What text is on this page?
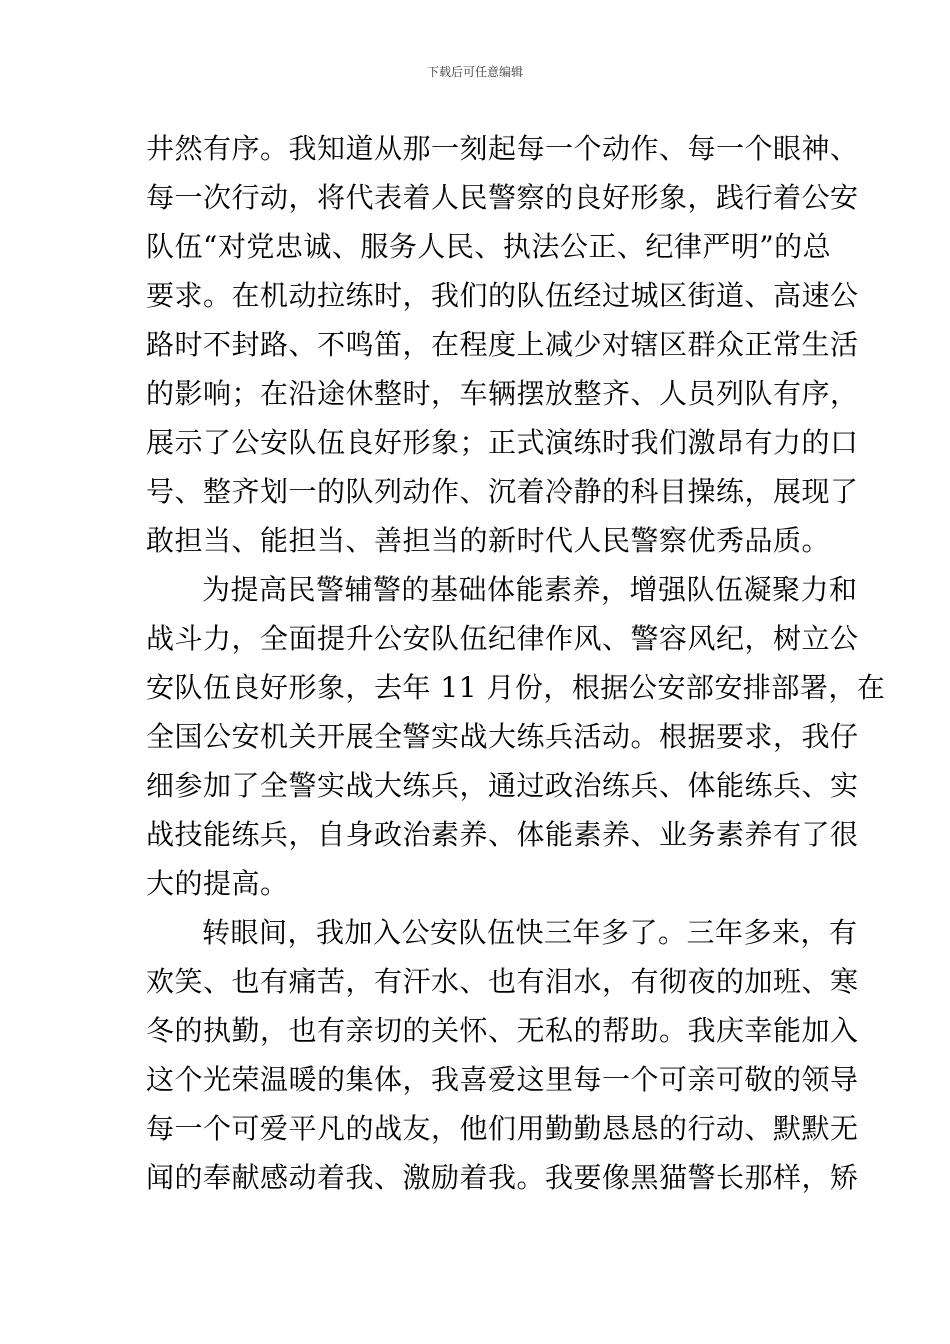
下载后可任意编辑
井然有序。我知道从那一刻起每一个动作、每一个眼神、
每一次行动，将代表着人民警察的良好形象，践行着公安
队伍“对党忠诚、服务人民、执法公正、纪律严明”的总
要求。在机动拉练时，我们的队伍经过城区街道、高速公
路时不封路、不鸣笛，在程度上减少对辖区群众正常生活
的影响；在沿途休整时，车辆摆放整齐、人员列队有序，
展示了公安队伍良好形象；正式演练时我们激昂有力的口
号、整齐划一的队列动作、沉着冷静的科目操练，展现了
敢担当、能担当、善担当的新时代人民警察优秀品质。
为提高民警辅警的基础体能素养，增强队伍凝聚力和
战斗力，全面提升公安队伍纪律作风、警容风纪，树立公
安队伍良好形象，去年 11 月份，根据公安部安排部署，在
全国公安机关开展全警实战大练兵活动。根据要求，我仔
细参加了全警实战大练兵，通过政治练兵、体能练兵、实
战技能练兵，自身政治素养、体能素养、业务素养有了很
大的提高。
转眼间，我加入公安队伍快三年多了。三年多来，有
欢笑、也有痛苦，有汗水、也有泪水，有彻夜的加班、寒
冬的执勤，也有亲切的关怀、无私的帮助。我庆幸能加入
这个光荣温暖的集体，我喜爱这里每一个可亲可敬的领导
每一个可爱平凡的战友，他们用勤勤恳恳的行动、默默无
闻的奉献感动着我、激励着我。我要像黑猫警长那样，矫
